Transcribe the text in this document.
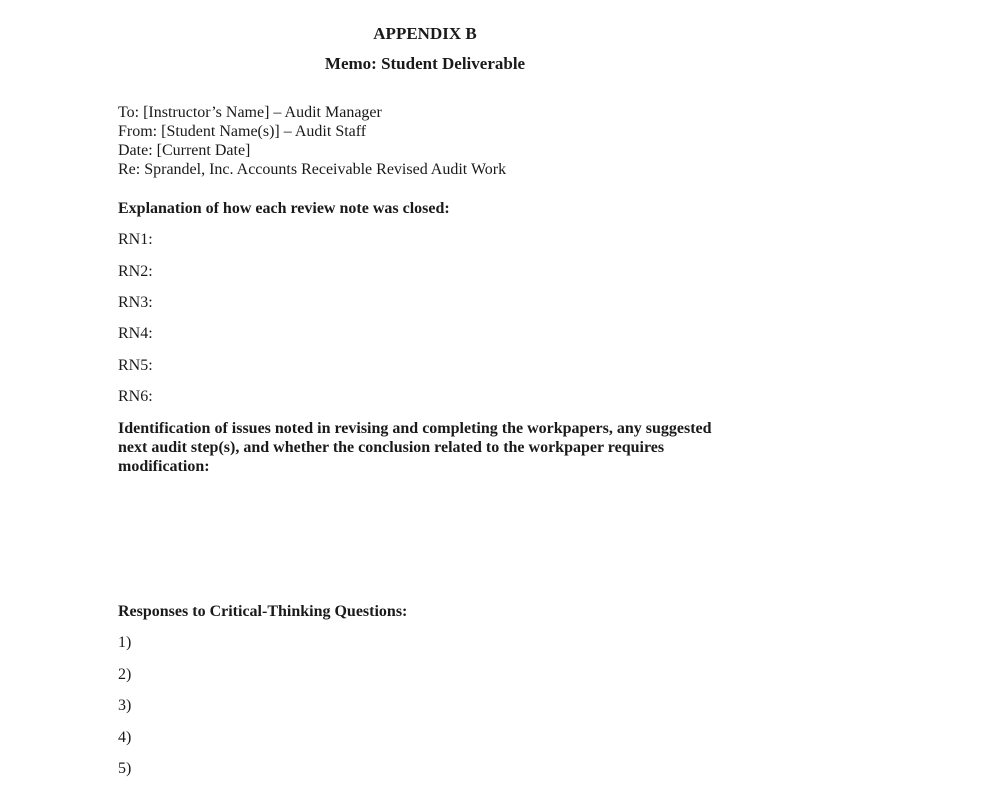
APPENDIX B
Memo: Student Deliverable
To: [Instructor’s Name] – Audit Manager
From: [Student Name(s)] – Audit Staff
Date: [Current Date]
Re: Sprandel, Inc. Accounts Receivable Revised Audit Work
Explanation of how each review note was closed:
RN1:
RN2:
RN3:
RN4:
RN5:
RN6:
Identification of issues noted in revising and completing the workpapers, any suggested next audit step(s), and whether the conclusion related to the workpaper requires modification:
Responses to Critical-Thinking Questions:
1)
2)
3)
4)
5)
